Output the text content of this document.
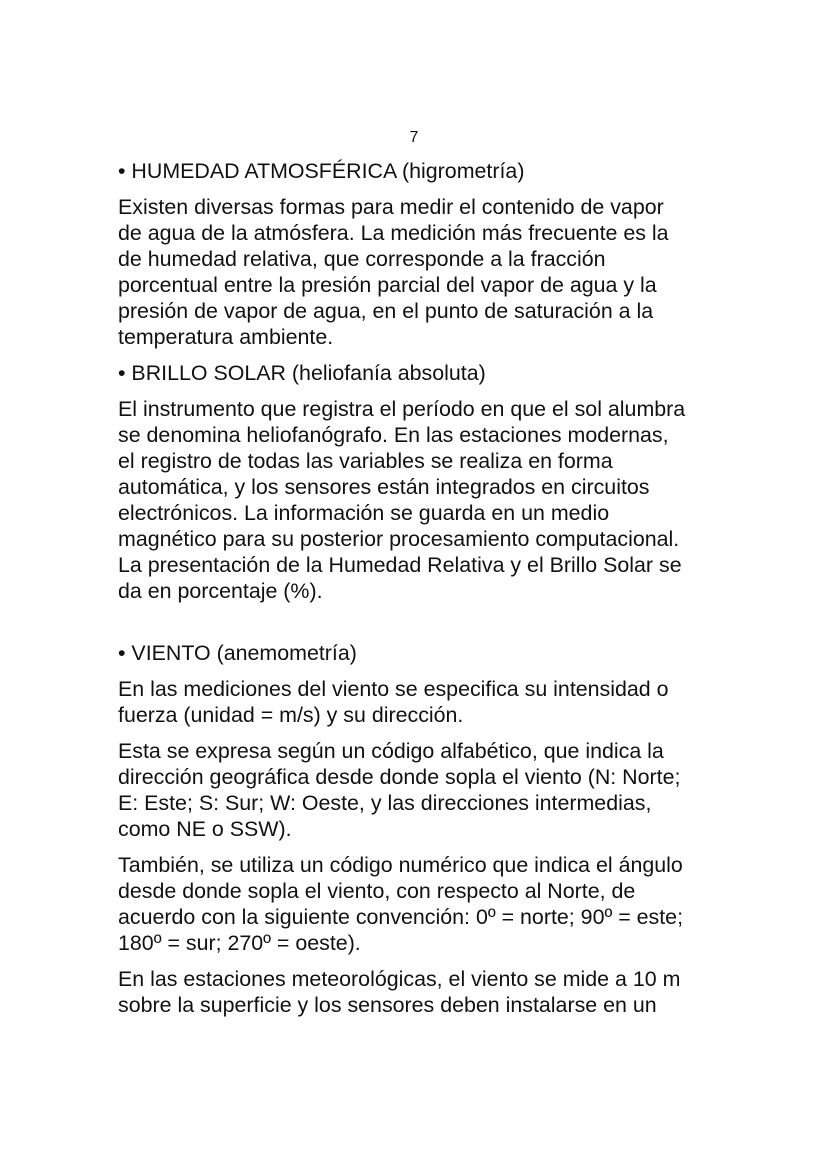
7
• HUMEDAD ATMOSFÉRICA (higrometría)

Existen diversas formas para medir el contenido de vapor
de agua de la atmósfera. La medición más frecuente es la
de humedad relativa, que corresponde a la fracción
porcentual entre la presión parcial del vapor de agua y la
presión de vapor de agua, en el punto de saturación a la
temperatura ambiente.

• BRILLO SOLAR (heliofanía absoluta)

El instrumento que registra el período en que el sol alumbra
se denomina heliofanógrafo. En las estaciones modernas,
el registro de todas las variables se realiza en forma
automática, y los sensores están integrados en circuitos
electrónicos. La información se guarda en un medio
magnético para su posterior procesamiento computacional.
La presentación de la Humedad Relativa y el Brillo Solar se
da en porcentaje (%).

• VIENTO (anemometría)

En las mediciones del viento se especifica su intensidad o
fuerza (unidad = m/s) y su dirección.

Esta se expresa según un código alfabético, que indica la
dirección geográfica desde donde sopla el viento (N: Norte;
E: Este; S: Sur; W: Oeste, y las direcciones intermedias,
como NE o SSW).

También, se utiliza un código numérico que indica el ángulo
desde donde sopla el viento, con respecto al Norte, de
acuerdo con la siguiente convención: 0º = norte; 90º = este;
180º = sur; 270º = oeste).

En las estaciones meteorológicas, el viento se mide a 10 m
sobre la superficie y los sensores deben instalarse en un
